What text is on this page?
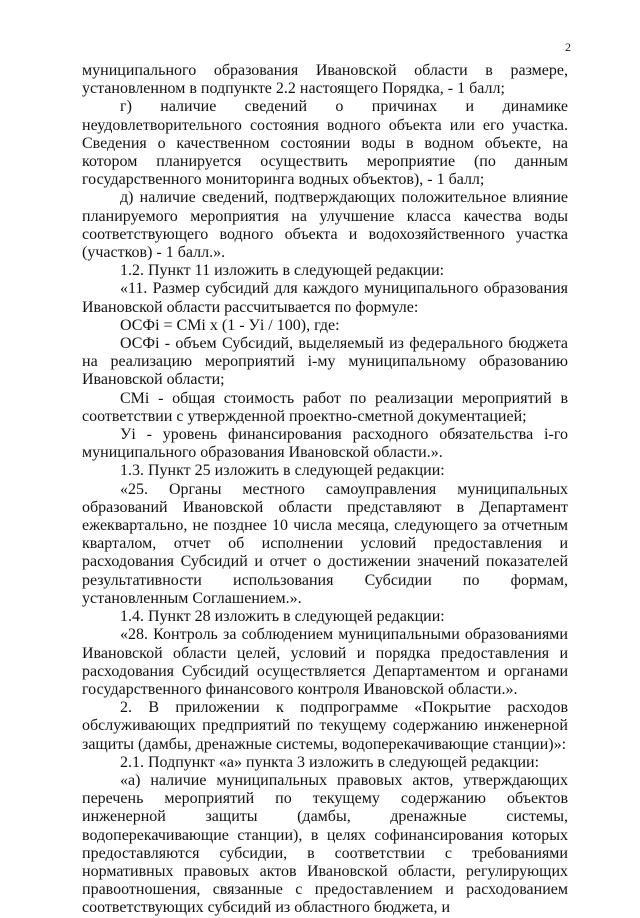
2

муниципального образования Ивановской области в размере, установленном в подпункте 2.2 настоящего Порядка, - 1 балл;

г) наличие сведений о причинах и динамике неудовлетворительного состояния водного объекта или его участка. Сведения о качественном состоянии воды в водном объекте, на котором планируется осуществить мероприятие (по данным государственного мониторинга водных объектов), - 1 балл;

д) наличие сведений, подтверждающих положительное влияние планируемого мероприятия на улучшение класса качества воды соответствующего водного объекта и водохозяйственного участка (участков) - 1 балл.».

1.2. Пункт 11 изложить в следующей редакции:

«11. Размер субсидий для каждого муниципального образования Ивановской области рассчитывается по формуле:

ОСФi = СМi х (1 - Уi / 100), где:

ОСФi - объем Субсидий, выделяемый из федерального бюджета на реализацию мероприятий i-му муниципальному образованию Ивановской области;

СМi - общая стоимость работ по реализации мероприятий в соответствии с утвержденной проектно-сметной документацией;

Уi - уровень финансирования расходного обязательства i-го муниципального образования Ивановской области.».

1.3. Пункт 25 изложить в следующей редакции:

«25. Органы местного самоуправления муниципальных образований Ивановской области представляют в Департамент ежеквартально, не позднее 10 числа месяца, следующего за отчетным кварталом, отчет об исполнении условий предоставления и расходования Субсидий и отчет о достижении значений показателей результативности использования Субсидии по формам, установленным Соглашением.».

1.4. Пункт 28 изложить в следующей редакции:

«28. Контроль за соблюдением муниципальными образованиями Ивановской области целей, условий и порядка предоставления и расходования Субсидий осуществляется Департаментом и органами государственного финансового контроля Ивановской области.».

2. В приложении к подпрограмме «Покрытие расходов обслуживающих предприятий по текущему содержанию инженерной защиты (дамбы, дренажные системы, водоперекачивающие станции)»:

2.1. Подпункт «а» пункта 3 изложить в следующей редакции:

«а) наличие муниципальных правовых актов, утверждающих перечень мероприятий по текущему содержанию объектов инженерной защиты (дамбы, дренажные системы, водоперекачивающие станции), в целях софинансирования которых предоставляются субсидии, в соответствии с требованиями нормативных правовых актов Ивановской области, регулирующих правоотношения, связанные с предоставлением и расходованием соответствующих субсидий из областного бюджета, и
